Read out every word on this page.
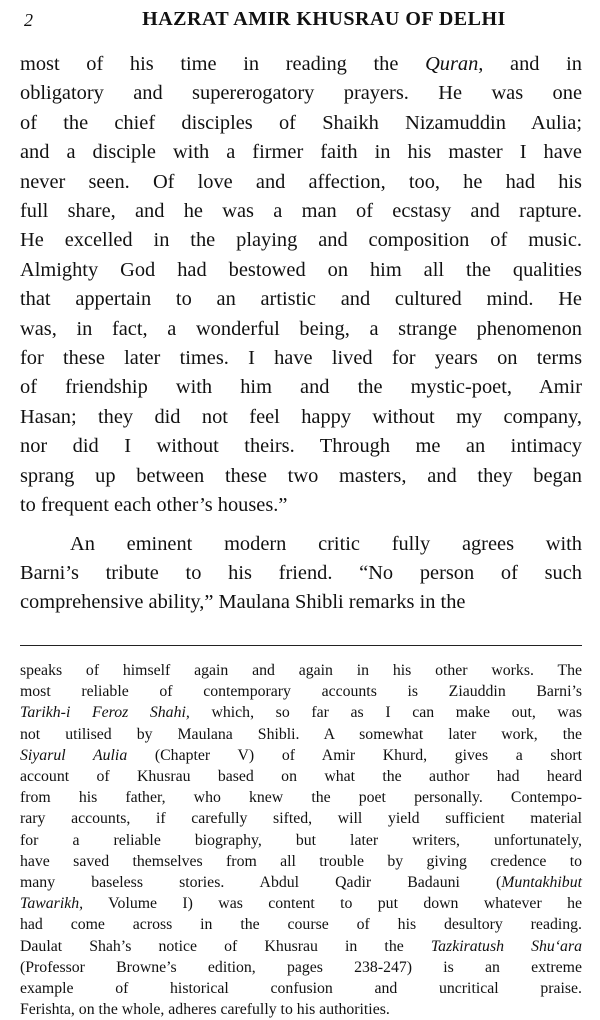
2	HAZRAT AMIR KHUSRAU OF DELHI

most of his time in reading the Quran, and in
obligatory and supererogatory prayers. He was one
of the chief disciples of Shaikh Nizamuddin Aulia;
and a disciple with a firmer faith in his master I have
never seen. Of love and affection, too, he had his
full share, and he was a man of ecstasy and rapture.
He excelled in the playing and composition of music.
Almighty God had bestowed on him all the qualities
that appertain to an artistic and cultured mind. He
was, in fact, a wonderful being, a strange phenomenon
for these later times. I have lived for years on terms
of friendship with him and the mystic-poet, Amir
Hasan; they did not feel happy without my company,
nor did I without theirs. Through me an intimacy
sprang up between these two masters, and they began
to frequent each other’s houses.”

An eminent modern critic fully agrees with
Barni’s tribute to his friend. “No person of such
comprehensive ability,” Maulana Shibli remarks in the

speaks of himself again and again in his other works. The
most reliable of contemporary accounts is Ziauddin Barni’s
Tarikh-i Feroz Shahi, which, so far as I can make out, was
not utilised by Maulana Shibli. A somewhat later work, the
Siyarul Aulia (Chapter V) of Amir Khurd, gives a short
account of Khusrau based on what the author had heard
from his father, who knew the poet personally. Contempo-
rary accounts, if carefully sifted, will yield sufficient material
for a reliable biography, but later writers, unfortunately,
have saved themselves from all trouble by giving credence to
many baseless stories. Abdul Qadir Badauni (Muntakhibut
Tawarikh, Volume I) was content to put down whatever he
had come across in the course of his desultory reading.
Daulat Shah’s notice of Khusrau in the Tazkiratush Shu‘ara
(Professor Browne’s edition, pages 238-247) is an extreme
example of historical confusion and uncritical praise.
Ferishta, on the whole, adheres carefully to his authorities.
